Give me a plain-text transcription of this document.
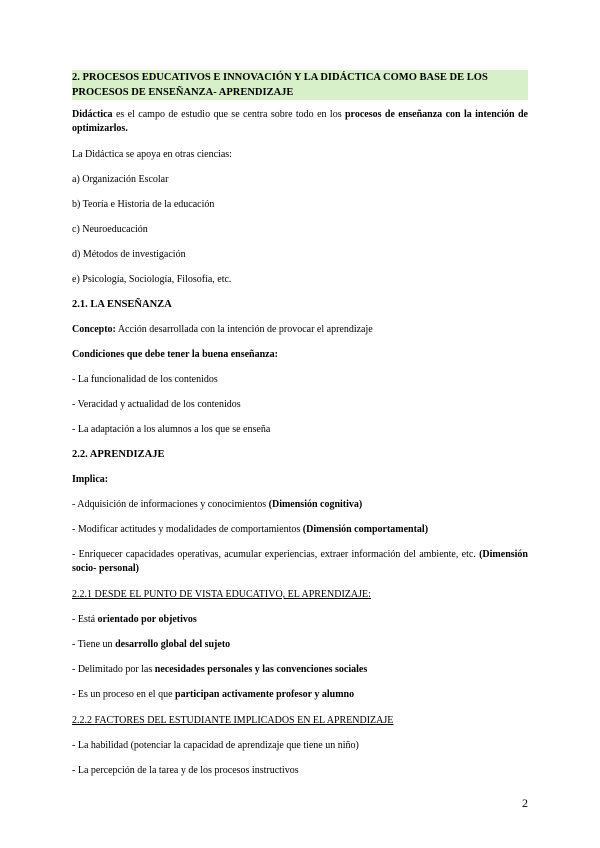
2. PROCESOS EDUCATIVOS E INNOVACIÓN Y LA DIDÁCTICA COMO BASE DE LOS
PROCESOS DE ENSEÑANZA- APRENDIZAJE

Didáctica es el campo de estudio que se centra sobre todo en los procesos de enseñanza con la intención de optimizarlos.

La Didáctica se apoya en otras ciencias:

a) Organización Escolar

b) Teoría e Historia de la educación

c) Neuroeducación

d) Métodos de investigación

e) Psicología, Sociología, Filosofía, etc.

2.1. LA ENSEÑANZA

Concepto: Acción desarrollada con la intención de provocar el aprendizaje

Condiciones que debe tener la buena enseñanza:

- La funcionalidad de los contenidos

- Veracidad y actualidad de los contenidos

- La adaptación a los alumnos a los que se enseña

2.2. APRENDIZAJE

Implica:

- Adquisición de informaciones y conocimientos (Dimensión cognitiva)

- Modificar actitudes y modalidades de comportamientos (Dimensión comportamental)

- Enriquecer capacidades operativas, acumular experiencias, extraer información del ambiente, etc. (Dimensión socio- personal)

2.2.1 DESDE EL PUNTO DE VISTA EDUCATIVO, EL APRENDIZAJE:

- Está orientado por objetivos

- Tiene un desarrollo global del sujeto

- Delimitado por las necesidades personales y las convenciones sociales

- Es un proceso en el que participan activamente profesor y alumno

2.2.2 FACTORES DEL ESTUDIANTE IMPLICADOS EN EL APRENDIZAJE

- La habilidad (potenciar la capacidad de aprendizaje que tiene un niño)

- La percepción de la tarea y de los procesos instructivos

2
